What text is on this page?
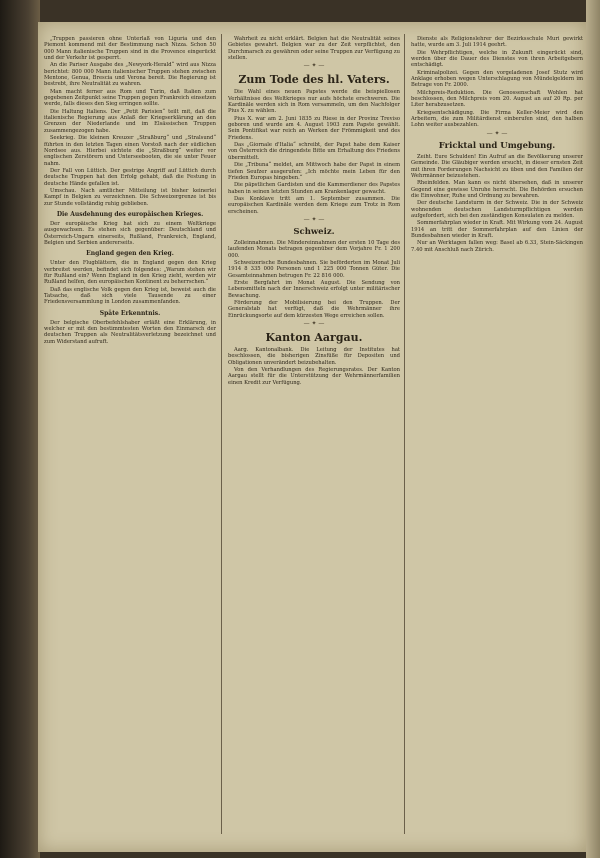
„Truppen passieren ohne Unterlaß von Liguria und den Piemont kommend mit der Bestimmung nach Nizza. Schon 50 000 Mann italienische Truppen sind in die Provence eingerückt und der Verkehr ist gesperrt.

An die Pariser Ausgabe des „Newyork-Herald“ wird aus Nizza berichtet: 800 000 Mann italienischer Truppen stehen zwischen Mentone, Genua, Brescia und Verona bereit. Die Regierung ist bestrebt, ihre Neutralität zu wahren.

Man macht ferner aus Rom und Turin, daß Italien zum gegebenen Zeitpunkt seine Truppen gegen Frankreich einsetzen werde, falls dieses den Sieg erringen sollte.

Die Haltung Italiens. Der „Petit Parisien“ teilt mit, daß die italienische Regierung aus Anlaß der Kriegserklärung an den Grenzen der Niederlande und im Elsässischen Truppen zusammengezogen habe.

Seekrieg. Die kleinen Kreuzer „Straßburg“ und „Stralsund“ führten in den letzten Tagen einen Vorstoß nach der südlichen Nordsee aus. Hierbei sichtete die „Straßburg“ weiter vor englischen Zerstörern und Unterseebooten, die sie unter Feuer nahm.

Der Fall von Lüttich. Der gestrige Angriff auf Lüttich durch deutsche Truppen hat den Erfolg gehabt, daß die Festung in deutsche Hände gefallen ist.

Umschau. Nach amtlicher Mitteilung ist bisher keinerlei Kampf in Belgien zu verzeichnen. Die Schweizergrenze ist bis zur Stunde vollständig ruhig geblieben.

Die Ausdehnung des europäischen Krieges.

Der europäische Krieg hat sich zu einem Weltkriege ausgewachsen. Es stehen sich gegenüber: Deutschland und Österreich-Ungarn einerseits, Rußland, Frankreich, England, Belgien und Serbien andererseits.

England gegen den Krieg.

Unter den Flugblättern, die in England gegen den Krieg verbreitet werden, befindet sich folgendes: „Warum stehen wir für Rußland ein? Wenn England in den Krieg zieht, werden wir Rußland helfen, den europäischen Kontinent zu beherrschen.“

Daß das englische Volk gegen den Krieg ist, beweist auch die Tatsache, daß sich viele Tausende zu einer Friedensversammlung in London zusammenfanden.

Späte Erkenntnis.

Der belgische Oberbefehlshaber erläßt eine Erklärung, in welcher er mit den bestimmtesten Worten den Einmarsch der deutschen Truppen als Neutralitätsverletzung bezeichnet und zum Widerstand aufruft.

Wahrheit zu nicht erklärt. Belgien hat die Neutralität seines Gebietes gewahrt. Belgien war zu der Zeit verpflichtet, den Durchmarsch zu gewähren oder seine Truppen zur Verfügung zu stellen.

— ✦ —
Zum Tode des hl. Vaters.

Die Wahl eines neuen Papstes werde die beispiellosen Verhältnisse des Weltkrieges nur aufs höchste erschweren. Die Kardinäle werden sich in Rom versammeln, um den Nachfolger Pius X. zu wählen.

Pius X. war am 2. Juni 1835 zu Riese in der Provinz Treviso geboren und wurde am 4. August 1903 zum Papste gewählt. Sein Pontifikat war reich an Werken der Frömmigkeit und des Friedens.

Das „Giornale d'Italia“ schreibt, der Papst habe dem Kaiser von Österreich die dringendste Bitte um Erhaltung des Friedens übermittelt.

Die „Tribuna“ meldet, am Mittwoch habe der Papst in einem tiefen Seufzer ausgerufen: „Ich möchte mein Leben für den Frieden Europas hingeben.“

Die päpstlichen Gardisten und die Kammerdiener des Papstes haben in seinen letzten Stunden am Krankenlager gewacht.

Das Konklave tritt am 1. September zusammen. Die europäischen Kardinäle werden dem Kriege zum Trotz in Rom erscheinen.

— ✦ —
Schweiz.

Zolleinnahmen. Die Mindereinnahmen der ersten 10 Tage des laufenden Monats betragen gegenüber dem Vorjahre Fr. 1 200 000.

Schweizerische Bundesbahnen. Sie beförderten im Monat Juli 1914 8 335 000 Personen und 1 225 000 Tonnen Güter. Die Gesamteinnahmen betrugen Fr. 22 816 000.

Erste Bergfahrt im Monat August. Die Sendung von Lebensmitteln nach der Innerschweiz erfolgt unter militärischer Bewachung.

Förderung der Mobilisierung bei den Truppen. Der Generalstab hat verfügt, daß die Wehrmänner ihre Einrückungsorte auf dem kürzesten Wege erreichen sollen.

— ✦ —
Kanton Aargau.

Aarg. Kantonalbank. Die Leitung der Institutes hat beschlossen, die bisherigen Zinsfüße für Depositen und Obligationen unverändert beizubehalten.

Von den Verhandlungen des Regierungsrates. Der Kanton Aargau stellt für die Unterstützung der Wehrmännerfamilien einen Kredit zur Verfügung.

Dienste als Religionslehrer der Bezirksschule Muri gewirkt hatte, wurde am 3. Juli 1914 geehrt.

Die Wehrpflichtigen, welche in Zukunft eingerückt sind, werden über die Dauer des Dienstes von ihren Arbeitgebern entschädigt.

Kriminalpolizei. Gegen den vorgeladenen Josef Stutz wird Anklage erhoben wegen Unterschlagung von Mündelgeldern im Betrage von Fr. 2000.

Milchpreis-Reduktion. Die Genossenschaft Wohlen hat beschlossen, den Milchpreis vom 20. August an auf 20 Rp. per Liter herabzusetzen.

Kriegsentschädigung. Die Firma Keller-Meier wird den Arbeitern, die zum Militärdienst einberufen sind, den halben Lohn weiter ausbezahlen.

— ✦ —
Fricktal und Umgebung.

Zeiht. Eure Schulden! Ein Aufruf an die Bevölkerung unserer Gemeinde. Die Gläubiger werden ersucht, in dieser ernsten Zeit mit ihren Forderungen Nachsicht zu üben und den Familien der Wehrmänner beizustehen.

Rheinfelden. Man kann es nicht übersehen, daß in unserer Gegend eine gewisse Unruhe herrscht. Die Behörden ersuchen die Einwohner, Ruhe und Ordnung zu bewahren.

Der deutsche Landsturm in der Schweiz. Die in der Schweiz wohnenden deutschen Landsturmpflichtigen werden aufgefordert, sich bei den zuständigen Konsulaten zu melden.

Sommerfahrplan wieder in Kraft. Mit Wirkung vom 24. August 1914 an tritt der Sommerfahrplan auf den Linien der Bundesbahnen wieder in Kraft.

Nur an Werktagen fallen weg: Basel ab 6.33, Stein-Säckingen 7.40 mit Anschluß nach Zürich.
